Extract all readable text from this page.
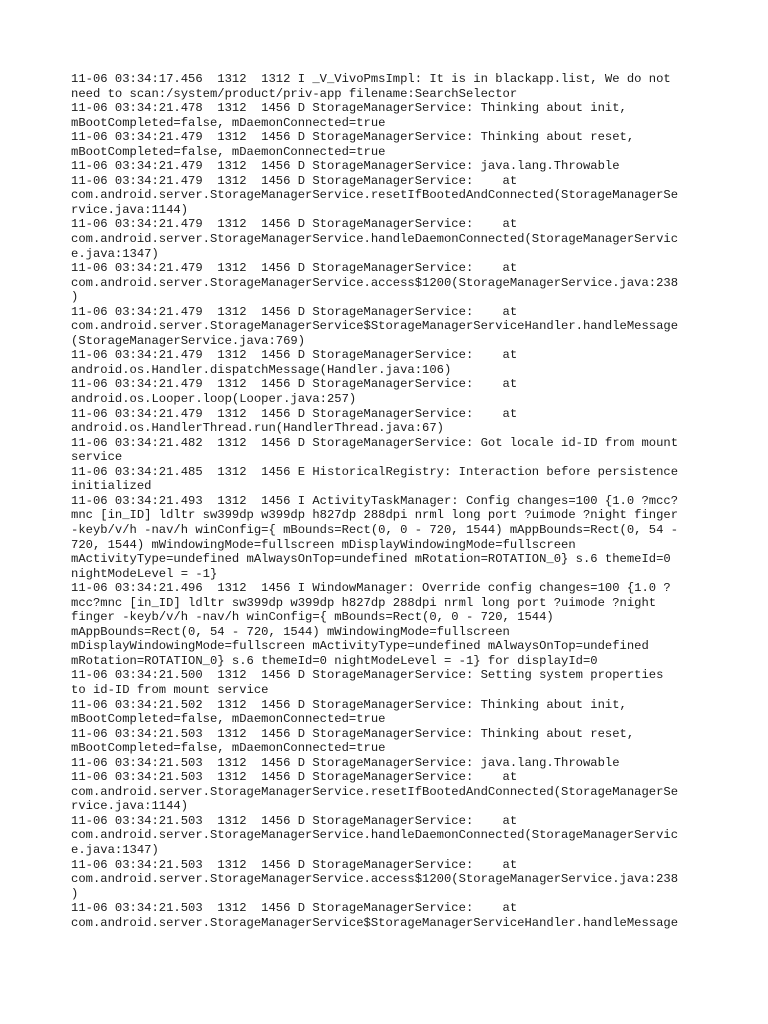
11-06 03:34:17.456  1312  1312 I _V_VivoPmsImpl: It is in blackapp.list, We do not
need to scan:/system/product/priv-app filename:SearchSelector
11-06 03:34:21.478  1312  1456 D StorageManagerService: Thinking about init,
mBootCompleted=false, mDaemonConnected=true
11-06 03:34:21.479  1312  1456 D StorageManagerService: Thinking about reset,
mBootCompleted=false, mDaemonConnected=true
11-06 03:34:21.479  1312  1456 D StorageManagerService: java.lang.Throwable
11-06 03:34:21.479  1312  1456 D StorageManagerService:    at
com.android.server.StorageManagerService.resetIfBootedAndConnected(StorageManagerSe
rvice.java:1144)
11-06 03:34:21.479  1312  1456 D StorageManagerService:    at
com.android.server.StorageManagerService.handleDaemonConnected(StorageManagerServic
e.java:1347)
11-06 03:34:21.479  1312  1456 D StorageManagerService:    at
com.android.server.StorageManagerService.access$1200(StorageManagerService.java:238
)
11-06 03:34:21.479  1312  1456 D StorageManagerService:    at
com.android.server.StorageManagerService$StorageManagerServiceHandler.handleMessage
(StorageManagerService.java:769)
11-06 03:34:21.479  1312  1456 D StorageManagerService:    at
android.os.Handler.dispatchMessage(Handler.java:106)
11-06 03:34:21.479  1312  1456 D StorageManagerService:    at
android.os.Looper.loop(Looper.java:257)
11-06 03:34:21.479  1312  1456 D StorageManagerService:    at
android.os.HandlerThread.run(HandlerThread.java:67)
11-06 03:34:21.482  1312  1456 D StorageManagerService: Got locale id-ID from mount
service
11-06 03:34:21.485  1312  1456 E HistoricalRegistry: Interaction before persistence
initialized
11-06 03:34:21.493  1312  1456 I ActivityTaskManager: Config changes=100 {1.0 ?mcc?
mnc [in_ID] ldltr sw399dp w399dp h827dp 288dpi nrml long port ?uimode ?night finger
-keyb/v/h -nav/h winConfig={ mBounds=Rect(0, 0 - 720, 1544) mAppBounds=Rect(0, 54 -
720, 1544) mWindowingMode=fullscreen mDisplayWindowingMode=fullscreen
mActivityType=undefined mAlwaysOnTop=undefined mRotation=ROTATION_0} s.6 themeId=0
nightModeLevel = -1}
11-06 03:34:21.496  1312  1456 I WindowManager: Override config changes=100 {1.0 ?
mcc?mnc [in_ID] ldltr sw399dp w399dp h827dp 288dpi nrml long port ?uimode ?night
finger -keyb/v/h -nav/h winConfig={ mBounds=Rect(0, 0 - 720, 1544)
mAppBounds=Rect(0, 54 - 720, 1544) mWindowingMode=fullscreen
mDisplayWindowingMode=fullscreen mActivityType=undefined mAlwaysOnTop=undefined
mRotation=ROTATION_0} s.6 themeId=0 nightModeLevel = -1} for displayId=0
11-06 03:34:21.500  1312  1456 D StorageManagerService: Setting system properties
to id-ID from mount service
11-06 03:34:21.502  1312  1456 D StorageManagerService: Thinking about init,
mBootCompleted=false, mDaemonConnected=true
11-06 03:34:21.503  1312  1456 D StorageManagerService: Thinking about reset,
mBootCompleted=false, mDaemonConnected=true
11-06 03:34:21.503  1312  1456 D StorageManagerService: java.lang.Throwable
11-06 03:34:21.503  1312  1456 D StorageManagerService:    at
com.android.server.StorageManagerService.resetIfBootedAndConnected(StorageManagerSe
rvice.java:1144)
11-06 03:34:21.503  1312  1456 D StorageManagerService:    at
com.android.server.StorageManagerService.handleDaemonConnected(StorageManagerServic
e.java:1347)
11-06 03:34:21.503  1312  1456 D StorageManagerService:    at
com.android.server.StorageManagerService.access$1200(StorageManagerService.java:238
)
11-06 03:34:21.503  1312  1456 D StorageManagerService:    at
com.android.server.StorageManagerService$StorageManagerServiceHandler.handleMessage
